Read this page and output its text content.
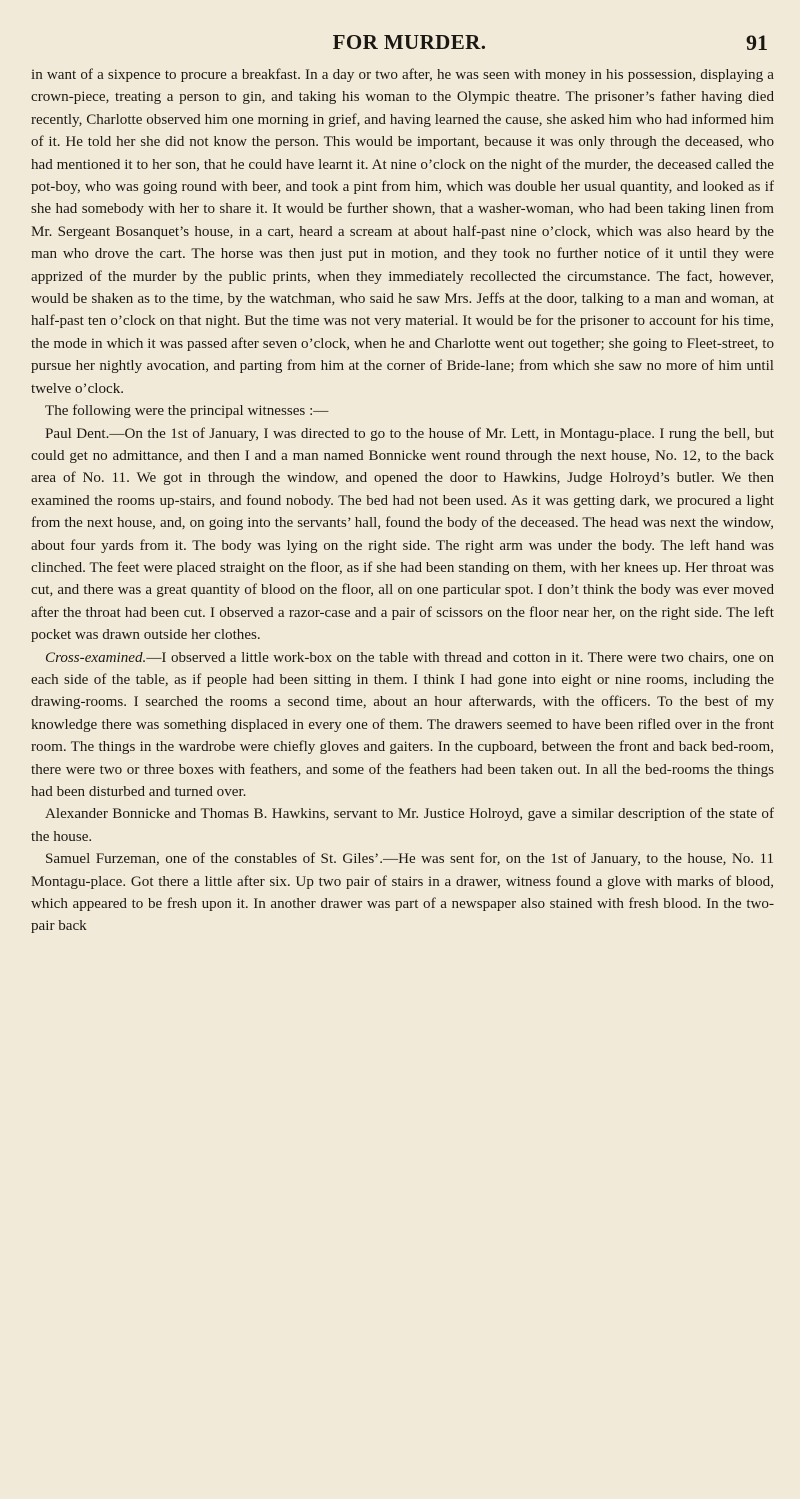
FOR MURDER.	91

in want of a sixpence to procure a breakfast. In a day or two after, he was seen with money in his possession, displaying a crown-piece, treating a person to gin, and taking his woman to the Olympic theatre. The prisoner’s father having died recently, Charlotte observed him one morning in grief, and having learned the cause, she asked him who had informed him of it. He told her she did not know the person. This would be important, because it was only through the deceased, who had mentioned it to her son, that he could have learnt it. At nine o’clock on the night of the murder, the deceased called the pot-boy, who was going round with beer, and took a pint from him, which was double her usual quantity, and looked as if she had somebody with her to share it. It would be further shown, that a washer-woman, who had been taking linen from Mr. Sergeant Bosanquet’s house, in a cart, heard a scream at about half-past nine o’clock, which was also heard by the man who drove the cart. The horse was then just put in motion, and they took no further notice of it until they were apprized of the murder by the public prints, when they immediately recollected the circumstance. The fact, however, would be shaken as to the time, by the watchman, who said he saw Mrs. Jeffs at the door, talking to a man and woman, at half-past ten o’clock on that night. But the time was not very material. It would be for the prisoner to account for his time, the mode in which it was passed after seven o’clock, when he and Charlotte went out together; she going to Fleet-street, to pursue her nightly avocation, and parting from him at the corner of Bride-lane; from which she saw no more of him until twelve o’clock.

The following were the principal witnesses :—

Paul Dent.—On the 1st of January, I was directed to go to the house of Mr. Lett, in Montagu-place. I rung the bell, but could get no admittance, and then I and a man named Bonnicke went round through the next house, No. 12, to the back area of No. 11. We got in through the window, and opened the door to Hawkins, Judge Holroyd’s butler. We then examined the rooms up-stairs, and found nobody. The bed had not been used. As it was getting dark, we procured a light from the next house, and, on going into the servants’ hall, found the body of the deceased. The head was next the window, about four yards from it. The body was lying on the right side. The right arm was under the body. The left hand was clinched. The feet were placed straight on the floor, as if she had been standing on them, with her knees up. Her throat was cut, and there was a great quantity of blood on the floor, all on one particular spot. I don’t think the body was ever moved after the throat had been cut. I observed a razor-case and a pair of scissors on the floor near her, on the right side. The left pocket was drawn outside her clothes.

Cross-examined.—I observed a little work-box on the table with thread and cotton in it. There were two chairs, one on each side of the table, as if people had been sitting in them. I think I had gone into eight or nine rooms, including the drawing-rooms. I searched the rooms a second time, about an hour afterwards, with the officers. To the best of my knowledge there was something displaced in every one of them. The drawers seemed to have been rifled over in the front room. The things in the wardrobe were chiefly gloves and gaiters. In the cupboard, between the front and back bed-room, there were two or three boxes with feathers, and some of the feathers had been taken out. In all the bed-rooms the things had been disturbed and turned over.

Alexander Bonnicke and Thomas B. Hawkins, servant to Mr. Justice Holroyd, gave a similar description of the state of the house.

Samuel Furzeman, one of the constables of St. Giles’.—He was sent for, on the 1st of January, to the house, No. 11 Montagu-place. Got there a little after six. Up two pair of stairs in a drawer, witness found a glove with marks of blood, which appeared to be fresh upon it. In another drawer was part of a newspaper also stained with fresh blood. In the two-pair back
